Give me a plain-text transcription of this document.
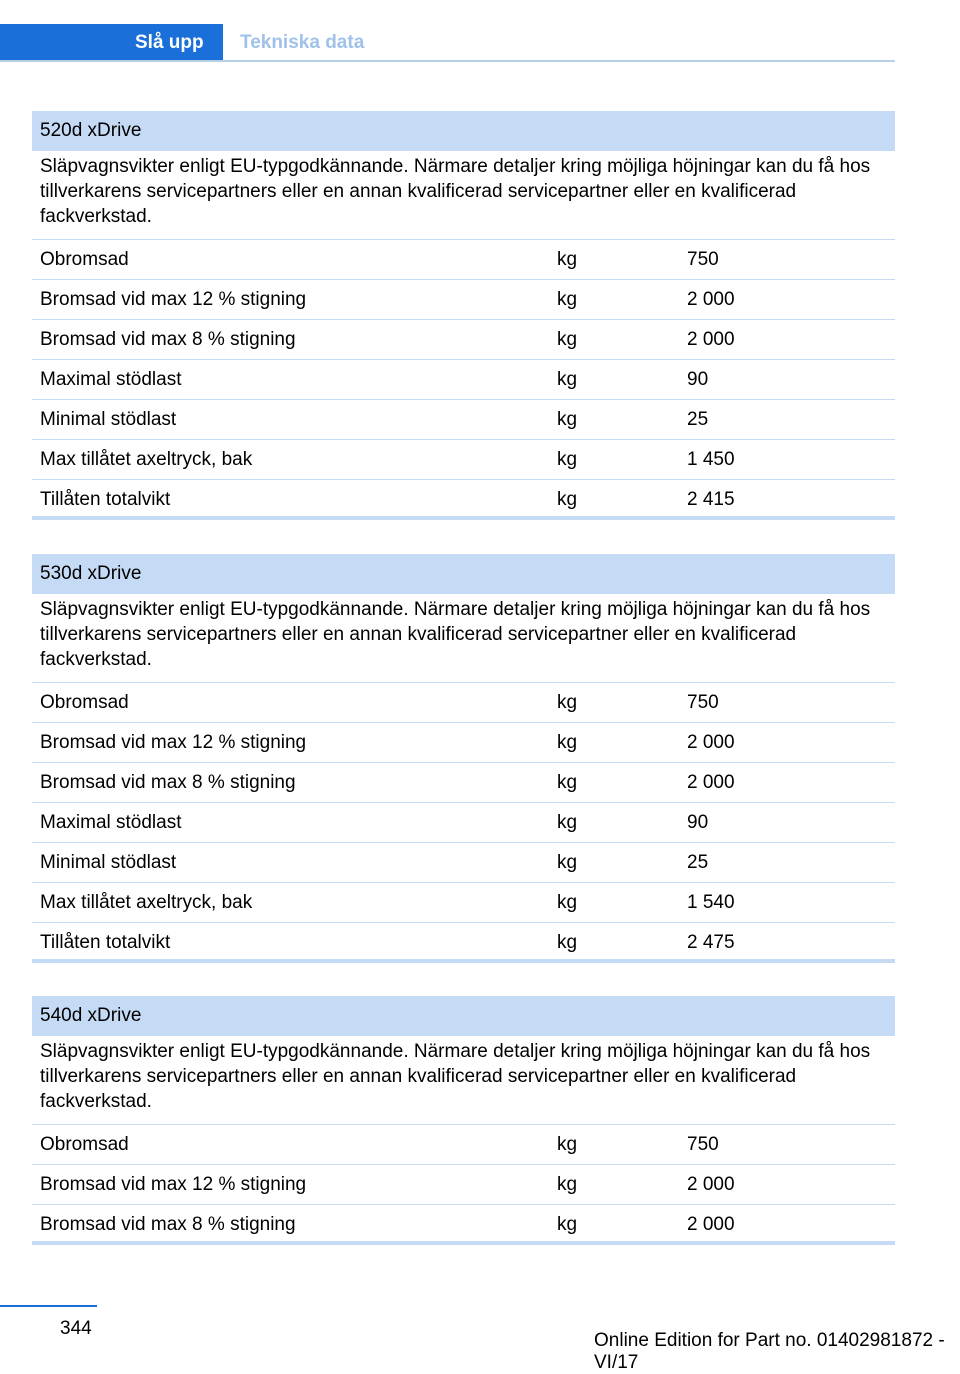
Slå upp	Tekniska data
520d xDrive
Släpvagnsvikter enligt EU-typgodkännande. Närmare detaljer kring möjliga höjningar kan du få hos tillverkarens servicepartners eller en annan kvalificerad servicepartner eller en kvalificerad fackverkstad.
Obromsad	kg	750
Bromsad vid max 12 % stigning	kg	2 000
Bromsad vid max 8 % stigning	kg	2 000
Maximal stödlast	kg	90
Minimal stödlast	kg	25
Max tillåtet axeltryck, bak	kg	1 450
Tillåten totalvikt	kg	2 415
530d xDrive
Släpvagnsvikter enligt EU-typgodkännande. Närmare detaljer kring möjliga höjningar kan du få hos tillverkarens servicepartners eller en annan kvalificerad servicepartner eller en kvalificerad fackverkstad.
Obromsad	kg	750
Bromsad vid max 12 % stigning	kg	2 000
Bromsad vid max 8 % stigning	kg	2 000
Maximal stödlast	kg	90
Minimal stödlast	kg	25
Max tillåtet axeltryck, bak	kg	1 540
Tillåten totalvikt	kg	2 475
540d xDrive
Släpvagnsvikter enligt EU-typgodkännande. Närmare detaljer kring möjliga höjningar kan du få hos tillverkarens servicepartners eller en annan kvalificerad servicepartner eller en kvalificerad fackverkstad.
Obromsad	kg	750
Bromsad vid max 12 % stigning	kg	2 000
Bromsad vid max 8 % stigning	kg	2 000
344
Online Edition for Part no. 01402981872 - VI/17
